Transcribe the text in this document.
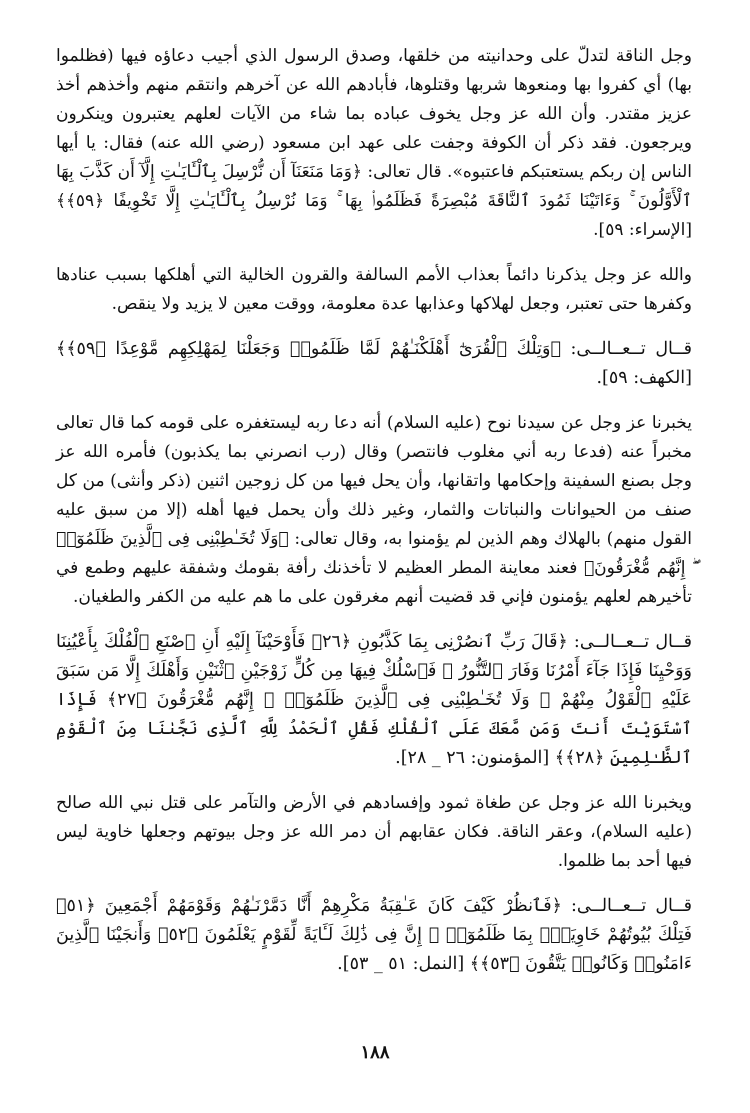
وجل الناقة لتدلّ على وحدانيته من خلقها، وصدق الرسول الذي أجيب دعاؤه فيها (فظلموا بها) أي كفروا بها ومنعوها شربها وقتلوها، فأبادهم الله عن آخرهم وانتقم منهم وأخذهم أخذ عزيز مقتدر. وأن الله عز وجل يخوف عباده بما شاء من الآيات لعلهم يعتبرون وينكرون ويرجعون. فقد ذكر أن الكوفة وجفت على عهد ابن مسعود (رضي الله عنه) فقال: يا أيها الناس إن ربكم يستعتبكم فاعتبوه». قال تعالى: ﴿وَمَا مَنَعَنَآ أَن نُّرْسِلَ بِٱلْـَٔايَـٰتِ إِلَّآ أَن كَذَّبَ بِهَا ٱلْأَوَّلُونَ ۚ وَءَاتَيْنَا ثَمُودَ ٱلنَّاقَةَ مُبْصِرَةً فَظَلَمُوا۟ بِهَا ۚ وَمَا نُرْسِلُ بِٱلْـَٔايَـٰتِ إِلَّا تَخْوِيفًا ﴿٥٩﴾﴾ [الإسراء: ٥٩].

والله عز وجل يذكرنا دائماً بعذاب الأمم السالفة والقرون الخالية التي أهلكها بسبب عنادها وكفرها حتى تعتبر، وجعل لهلاكها وعذابها عدة معلومة، ووقت معين لا يزيد ولا ينقص.

قــال تــعــالــى: ﴿وَتِلْكَ ٱلْقُرَىٰٓ أَهْلَكْنَـٰهُمْ لَمَّا ظَلَمُوا۟ وَجَعَلْنَا لِمَهْلِكِهِم مَّوْعِدًا ﴿٥٩﴾﴾ [الكهف: ٥٩].

يخبرنا عز وجل عن سيدنا نوح (عليه السلام) أنه دعا ربه ليستغفره على قومه كما قال تعالى مخبراً عنه (فدعا ربه أني مغلوب فانتصر) وقال (رب انصرني بما يكذبون) فأمره الله عز وجل بصنع السفينة وإحكامها واتقانها، وأن يحل فيها من كل زوجين اثنين (ذكر وأنثى) من كل صنف من الحيوانات والنباتات والثمار، وغير ذلك وأن يحمل فيها أهله (إلا من سبق عليه القول منهم) بالهلاك وهم الذين لم يؤمنوا به، وقال تعالى: ﴿وَلَا تُخَـٰطِبْنِى فِى ٱلَّذِينَ ظَلَمُوٓا۟ ۖ إِنَّهُم مُّغْرَقُونَ﴾ فعند معاينة المطر العظيم لا تأخذنك رأفة بقومك وشفقة عليهم وطمع في تأخيرهم لعلهم يؤمنون فإني قد قضيت أنهم مغرقون على ما هم عليه من الكفر والطغيان.

قــال تــعــالــى: ﴿قَالَ رَبِّ ٱنصُرْنِى بِمَا كَذَّبُونِ ﴿٢٦﴾ فَأَوْحَيْنَآ إِلَيْهِ أَنِ ٱصْنَعِ ٱلْفُلْكَ بِأَعْيُنِنَا وَوَحْيِنَا فَإِذَا جَآءَ أَمْرُنَا وَفَارَ ٱلتَّنُّورُ ۙ فَٱسْلُكْ فِيهَا مِن كُلٍّ زَوْجَيْنِ ٱثْنَيْنِ وَأَهْلَكَ إِلَّا مَن سَبَقَ عَلَيْهِ ٱلْقَوْلُ مِنْهُمْ ۖ وَلَا تُخَـٰطِبْنِى فِى ٱلَّذِينَ ظَلَمُوٓا۟ ۖ إِنَّهُم مُّغْرَقُونَ ﴿٢٧﴾ فَإِذَا ٱسْتَوَيْتَ أَنتَ وَمَن مَّعَكَ عَلَى ٱلْفُلْكِ فَقُلِ ٱلْحَمْدُ لِلَّهِ ٱلَّذِى نَجَّىٰنَا مِنَ ٱلْقَوْمِ ٱلظَّـٰلِمِينَ ﴿٢٨﴾﴾ [المؤمنون: ٢٦ _ ٢٨].

ويخبرنا الله عز وجل عن طغاة ثمود وإفسادهم في الأرض والتآمر على قتل نبي الله صالح (عليه السلام)، وعقر الناقة. فكان عقابهم أن دمر الله عز وجل بيوتهم وجعلها خاوية ليس فيها أحد بما ظلموا.

قــال تــعــالــى: ﴿فَٱنظُرْ كَيْفَ كَانَ عَـٰقِبَةُ مَكْرِهِمْ أَنَّا دَمَّرْنَـٰهُمْ وَقَوْمَهُمْ أَجْمَعِينَ ﴿٥١﴾ فَتِلْكَ بُيُوتُهُمْ خَاوِيَةًۢ بِمَا ظَلَمُوٓا۟ ۗ إِنَّ فِى ذَٰلِكَ لَـَٔايَةً لِّقَوْمٍ يَعْلَمُونَ ﴿٥٢﴾ وَأَنجَيْنَا ٱلَّذِينَ ءَامَنُوا۟ وَكَانُوا۟ يَتَّقُونَ ﴿٥٣﴾﴾ [النمل: ٥١ _ ٥٣].

١٨٨
